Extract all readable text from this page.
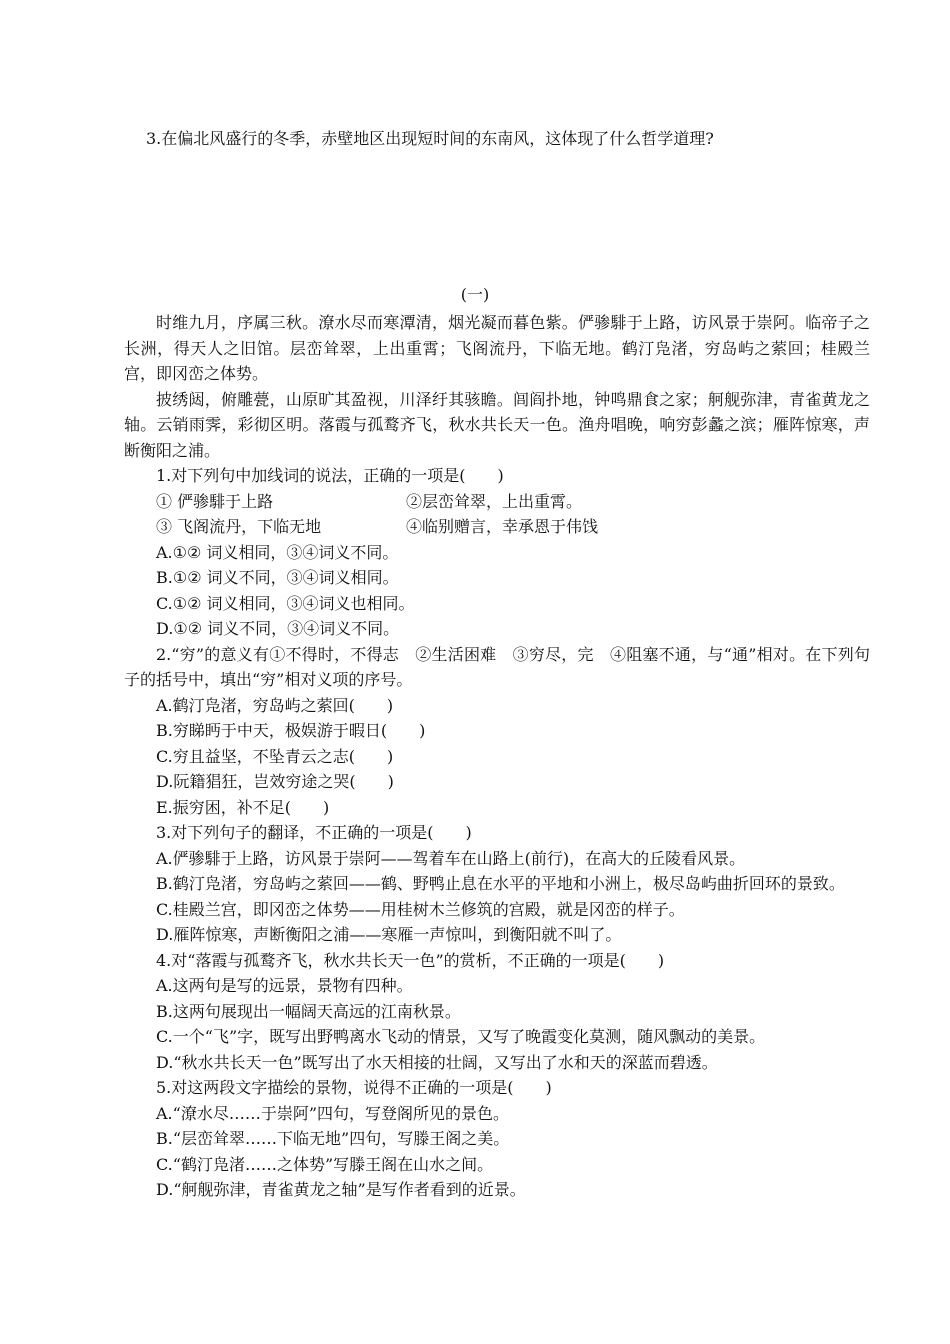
3.在偏北风盛行的冬季，赤壁地区出现短时间的东南风，这体现了什么哲学道理?
(一)

时维九月，序属三秋。潦水尽而寒潭清，烟光凝而暮色紫。俨骖騑于上路，访风景于崇阿。临帝子之长洲，得天人之旧馆。层峦耸翠，上出重霄；飞阁流丹，下临无地。鹤汀凫渚，穷岛屿之萦回；桂殿兰宫，即冈峦之体势。

披绣闼，俯雕甍，山原旷其盈视，川泽纡其骇瞻。闾阎扑地，钟鸣鼎食之家；舸舰弥津，青雀黄龙之轴。云销雨霁，彩彻区明。落霞与孤鹜齐飞，秋水共长天一色。渔舟唱晚，响穷彭蠡之滨；雁阵惊寒，声断衡阳之浦。

1.对下列句中加线词的说法，正确的一项是(　　)

① 俨骖騑于上路	②层峦耸翠，上出重霄。
③ 飞阁流丹，下临无地	④临别赠言，幸承恩于伟饯

A.①② 词义相同，③④词义不同。

B.①② 词义不同，③④词义相同。

C.①② 词义相同，③④词义也相同。

D.①② 词义不同，③④词义不同。

2.“穷”的意义有①不得时，不得志　②生活困难　③穷尽，完　④阻塞不通，与“通”相对。在下列句子的括号中，填出“穷”相对义项的序号。

A.鹤汀凫渚，穷岛屿之萦回(　　)

B.穷睇眄于中天，极娱游于暇日(　　)

C.穷且益坚，不坠青云之志(　　)

D.阮籍猖狂，岂效穷途之哭(　　)

E.振穷困，补不足(　　)

3.对下列句子的翻译，不正确的一项是(　　)

A.俨骖騑于上路，访风景于崇阿——驾着车在山路上(前行)，在高大的丘陵看风景。

B.鹤汀凫渚，穷岛屿之萦回——鹤、野鸭止息在水平的平地和小洲上，极尽岛屿曲折回环的景致。

C.桂殿兰宫，即冈峦之体势——用桂树木兰修筑的宫殿，就是冈峦的样子。

D.雁阵惊寒，声断衡阳之浦——寒雁一声惊叫，到衡阳就不叫了。

4.对“落霞与孤鹜齐飞，秋水共长天一色”的赏析，不正确的一项是(　　)

A.这两句是写的远景，景物有四种。

B.这两句展现出一幅阔天高远的江南秋景。

C.一个“飞”字，既写出野鸭离水飞动的情景，又写了晚霞变化莫测，随风飘动的美景。

D.“秋水共长天一色”既写出了水天相接的壮阔，又写出了水和天的深蓝而碧透。

5.对这两段文字描绘的景物，说得不正确的一项是(　　)

A.“潦水尽……于崇阿”四句，写登阁所见的景色。

B.“层峦耸翠……下临无地”四句，写滕王阁之美。

C.“鹤汀凫渚……之体势”写滕王阁在山水之间。

D.“舸舰弥津，青雀黄龙之轴”是写作者看到的近景。
